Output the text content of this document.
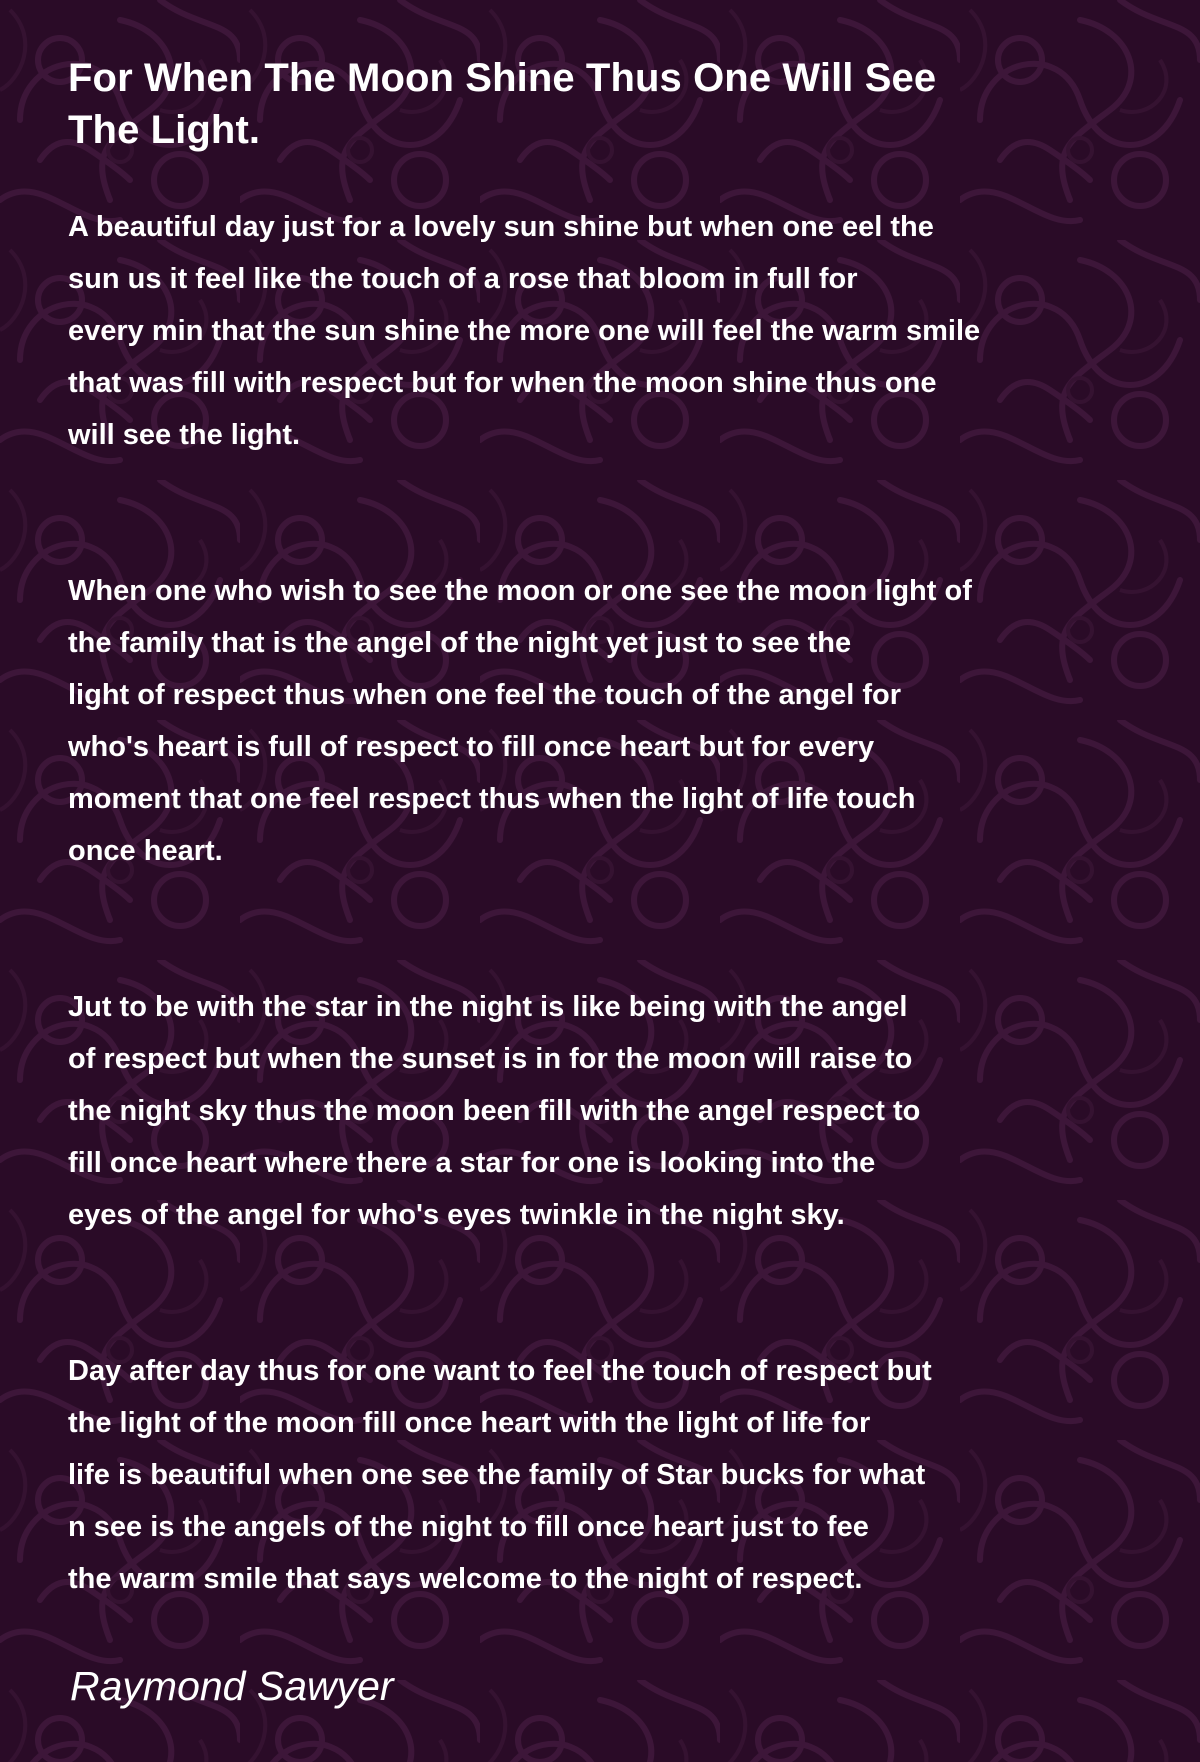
For When The Moon Shine Thus One Will See
The Light.

A beautiful day just for a lovely sun shine but when one eel the
sun us it feel like the touch of a rose that bloom in full for
every min that the sun shine the more one will feel the warm smile
that was fill with respect but for when the moon shine thus one
will see the light.

When one who wish to see the moon or one see the moon light of
the family that is the angel of the night yet just to see the
light of respect thus when one feel the touch of the angel for
who's heart is full of respect to fill once heart but for every
moment that one feel respect thus when the light of life touch
once heart.

Jut to be with the star in the night is like being with the angel
of respect but when the sunset is in for the moon will raise to
the night sky thus the moon been fill with the angel respect to
fill once heart where there a star for one is looking into the
eyes of the angel for who's eyes twinkle in the night sky.

Day after day thus for one want to feel the touch of respect but
the light of the moon fill once heart with the light of life for
life is beautiful when one see the family of Star bucks for what
n see is the angels of the night to fill once heart just to fee
the warm smile that says welcome to the night of respect.

Raymond Sawyer
